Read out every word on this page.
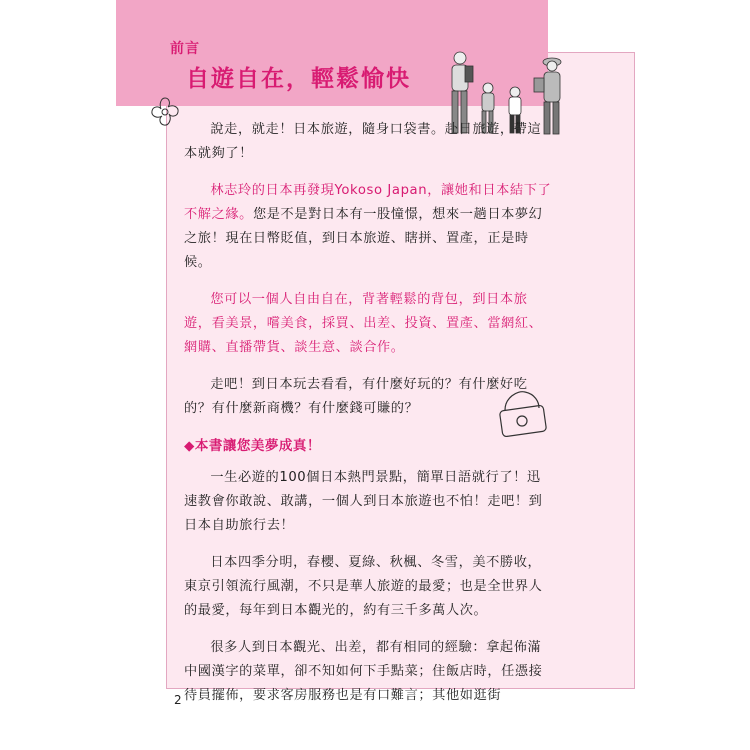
前言
自遊自在，輕鬆愉快

說走，就走！日本旅遊，隨身口袋書。赴日旅遊，帶這本就夠了！

林志玲的日本再發現Yokoso Japan，讓她和日本結下了不解之緣。您是不是對日本有一股憧憬，想來一趟日本夢幻之旅！現在日幣貶值，到日本旅遊、瞎拼、置產，正是時候。

您可以一個人自由自在，背著輕鬆的背包，到日本旅遊，看美景，嚐美食，採買、出差、投資、置產、當網紅、網購、直播帶貨、談生意、談合作。

走吧！到日本玩去看看，有什麼好玩的？有什麼好吃的？有什麼新商機？有什麼錢可賺的？

◆本書讓您美夢成真！

一生必遊的100個日本熱門景點，簡單日語就行了！迅速教會你敢說、敢講，一個人到日本旅遊也不怕！走吧！到日本自助旅行去！

日本四季分明，春櫻、夏綠、秋楓、冬雪，美不勝收，東京引領流行風潮，不只是華人旅遊的最愛；也是全世界人的最愛，每年到日本觀光的，約有三千多萬人次。

很多人到日本觀光、出差，都有相同的經驗：拿起佈滿中國漢字的菜單，卻不知如何下手點菜；住飯店時，任憑接待員擺佈，要求客房服務也是有口難言；其他如逛街

2
